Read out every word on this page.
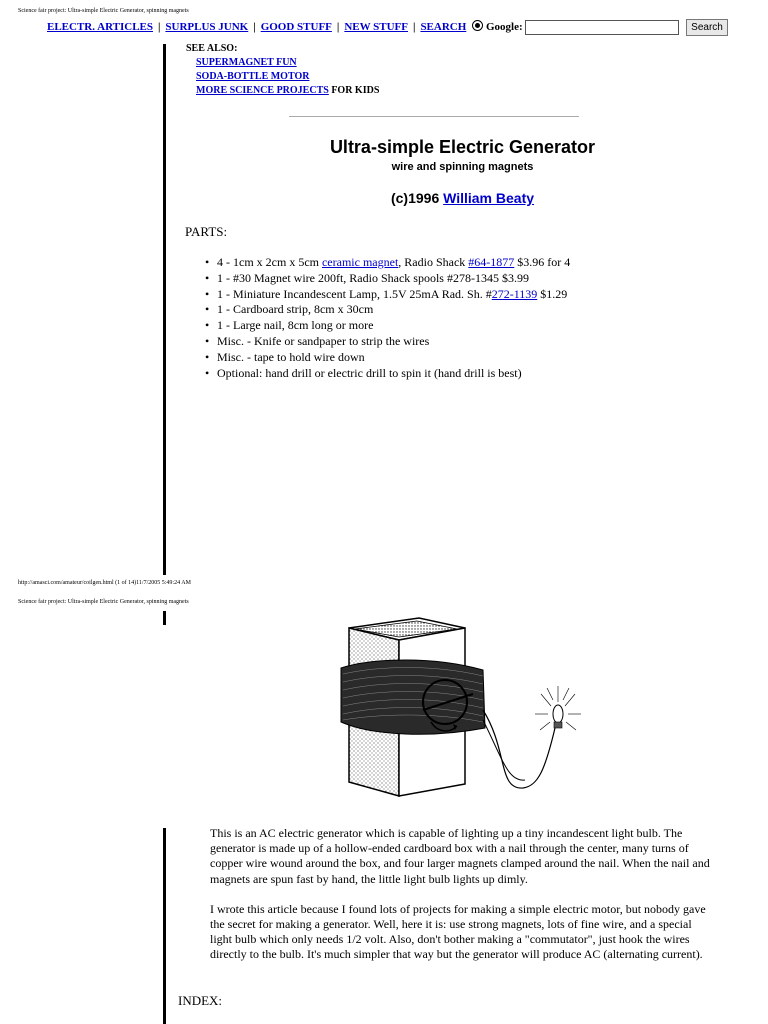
Science fair project: Ultra-simple Electric Generator, spinning magnets
ELECTR. ARTICLES | SURPLUS JUNK | GOOD STUFF | NEW STUFF | SEARCH	Google:	Search
SEE ALSO:
SUPERMAGNET FUN
SODA-BOTTLE MOTOR
MORE SCIENCE PROJECTS FOR KIDS
Ultra-simple Electric Generator
wire and spinning magnets
(c)1996 William Beaty
PARTS:
• 4 - 1cm x 2cm x 5cm ceramic magnet, Radio Shack #64-1877 $3.96 for 4
• 1 - #30 Magnet wire 200ft, Radio Shack spools #278-1345 $3.99
• 1 - Miniature Incandescent Lamp, 1.5V 25mA Rad. Sh. #272-1139 $1.29
• 1 - Cardboard strip, 8cm x 30cm
• 1 - Large nail, 8cm long or more
• Misc. - Knife or sandpaper to strip the wires
• Misc. - tape to hold wire down
• Optional: hand drill or electric drill to spin it (hand drill is best)
http://amasci.com/amateur/coilgen.html (1 of 14)11/7/2005 5:49:24 AM
Science fair project: Ultra-simple Electric Generator, spinning magnets

This is an AC electric generator which is capable of lighting up a tiny incandescent light bulb. The generator is made up of a hollow-ended cardboard box with a nail through the center, many turns of copper wire wound around the box, and four larger magnets clamped around the nail. When the nail and magnets are spun fast by hand, the little light bulb lights up dimly.

I wrote this article because I found lots of projects for making a simple electric motor, but nobody gave the secret for making a generator. Well, here it is: use strong magnets, lots of fine wire, and a special light bulb which only needs 1/2 volt. Also, don't bother making a "commutator", just hook the wires directly to the bulb. It's much simpler that way but the generator will produce AC (alternating current).

INDEX:
